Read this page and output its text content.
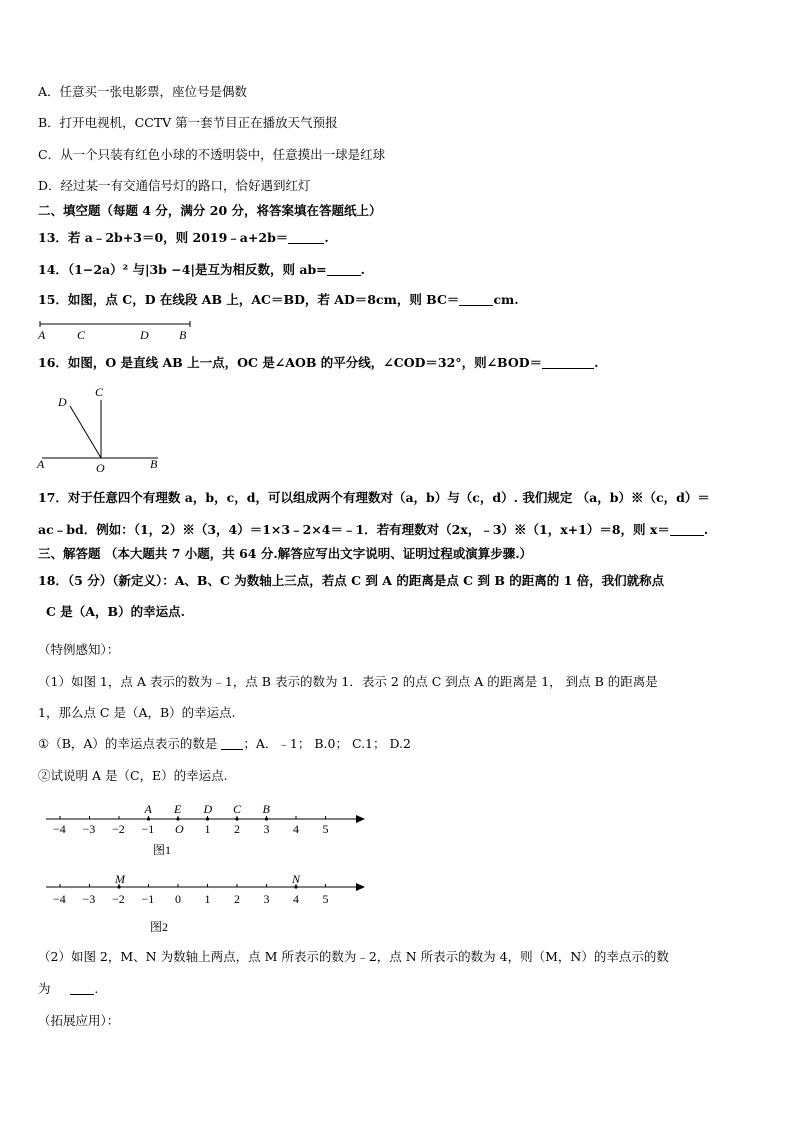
A．任意买一张电影票，座位号是偶数
B．打开电视机，CCTV 第一套节目正在播放天气预报
C．从一个只装有红色小球的不透明袋中，任意摸出一球是红球
D．经过某一有交通信号灯的路口，恰好遇到红灯
二、填空题（每题 4 分，满分 20 分，将答案填在答题纸上）
13．若 a﹣2b+3＝0，则 2019﹣a+2b＝	.
14．（1−2a）² 与|3b −4|是互为相反数，则 ab=	.
15．如图，点 C，D 在线段 AB 上，AC＝BD，若 AD＝8cm，则 BC＝	cm.
A	C	D	B
16．如图，O 是直线 AB 上一点，OC 是∠AOB 的平分线，∠COD＝32°，则∠BOD＝	.
D
C
A	O	B
17．对于任意四个有理数 a，b，c，d，可以组成两个有理数对（a，b）与（c，d）. 我们规定 （a，b）※（c，d）＝
ac﹣bd．例如：（1，2）※（3，4）＝1×3﹣2×4＝﹣1．若有理数对（2x，﹣3）※（1，x+1）＝8，则 x＝	.
三、解答题 （本大题共 7 小题，共 64 分.解答应写出文字说明、证明过程或演算步骤.）
18．（5 分）（新定义）：A、B、C 为数轴上三点，若点 C 到 A 的距离是点 C 到 B 的距离的 1 倍，我们就称点
C 是（A，B）的幸运点.
（特例感知）：
（1）如图 1，点 A 表示的数为﹣1，点 B 表示的数为 1．表示 2 的点 C 到点 A 的距离是 1， 到点 B 的距离是
1，那么点 C 是（A，B）的幸运点.
①（B，A）的幸运点表示的数是 ；A．﹣1； B.0； C.1； D.2
②试说明 A 是（C，E）的幸运点.
−4 −3 −2 −1 O 1 2 3 4 5
A E D C B
图1
−4 −3 −2 −1 0 1 2 3 4 5
M	N
图2
（2）如图 2，M、N 为数轴上两点，点 M 所表示的数为﹣2，点 N 所表示的数为 4，则（M，N）的幸点示的数
为	.
（拓展应用）：
